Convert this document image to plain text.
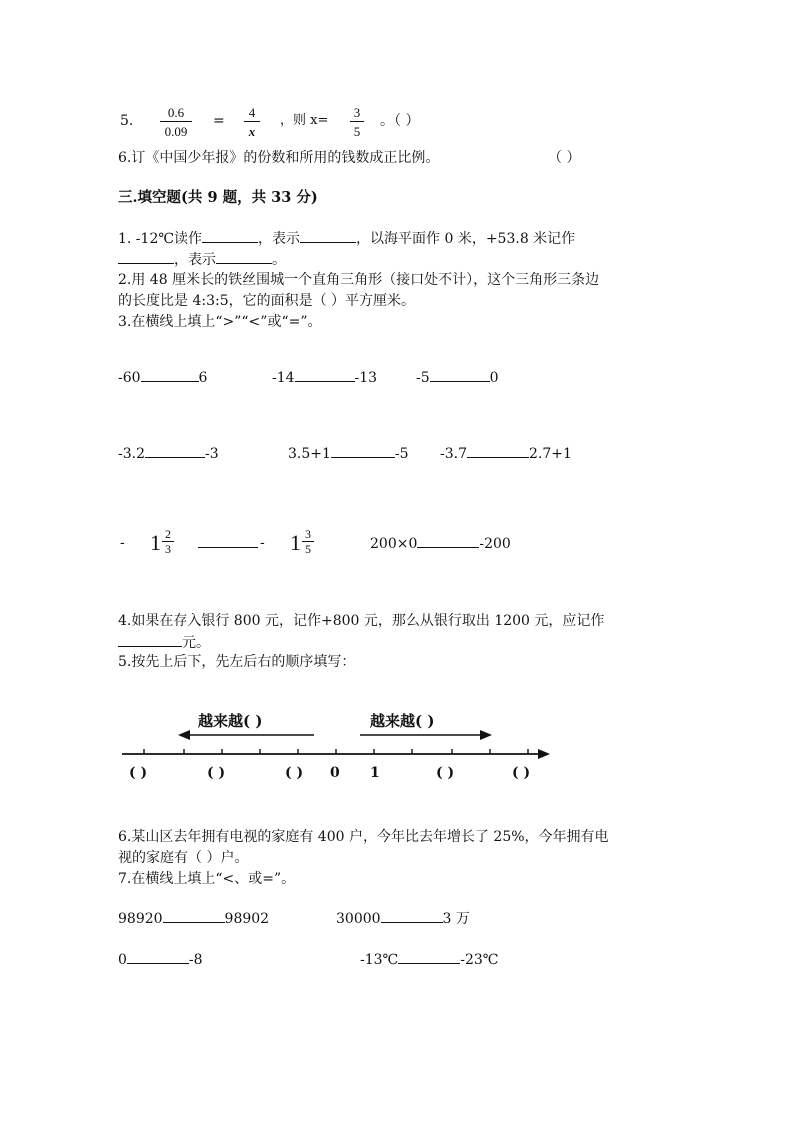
5. $\frac{0.6}{0.09} = \frac{4}{x}$ ，则 $x= \frac{3}{5}$ 。（ ）
6.订《中国少年报》的份数和所用的钱数成正比例。	（ ）
三.填空题(共 9 题，共 33 分)
1. -12℃读作	，表示	，以海平面作 0 米，+53.8 米记作
，表示	。
2.用 48 厘米长的铁丝围城一个直角三角形（接口处不计），这个三角形三条边
的长度比是 4:3:5，它的面积是（ ）平方厘米。
3.在横线上填上“>”“<”或“=”。
-60	6	-14	-13	-5	0
-3.2	-3	3.5+1	-5 -3.7	2.7+1
- $1 \frac{2}{3}$	- $1 \frac{3}{5}$	200×0	-200
4.如果在存入银行 800 元，记作+800 元，那么从银行取出 1200 元，应记作
元。
5.按先上后下，先左后右的顺序填写：
越来越( )	越来越( )
( )	( )	( ) 0 1	( )	( )
6.某山区去年拥有电视的家庭有 400 户，今年比去年增长了 25%，今年拥有电
视的家庭有（ ）户。
7.在横线上填上“<、或=”。
98920	98902	30000	3 万
0	-8	-13℃	-23℃
